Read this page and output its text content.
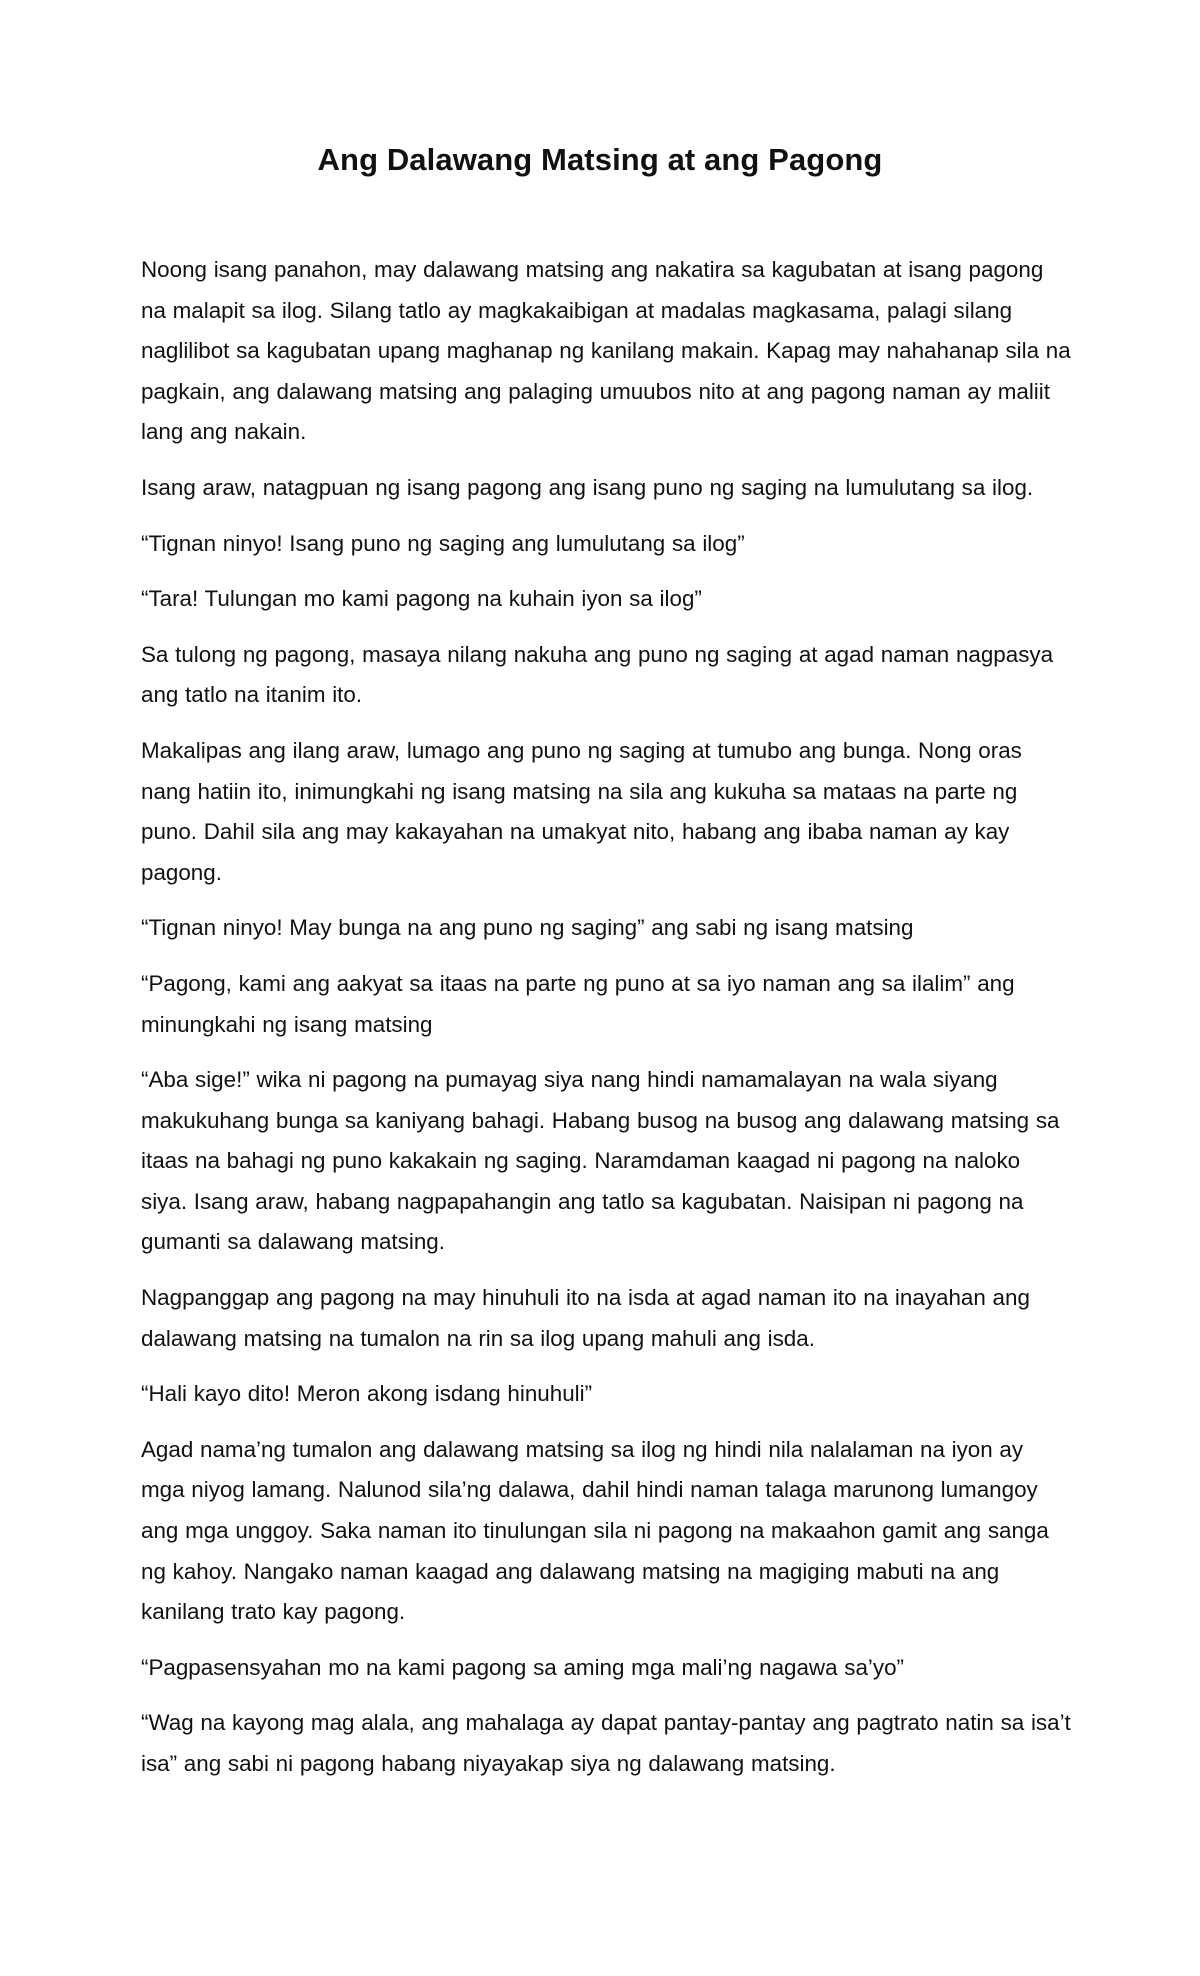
Ang Dalawang Matsing at ang Pagong

Noong isang panahon, may dalawang matsing ang nakatira sa kagubatan at isang pagong na malapit sa ilog. Silang tatlo ay magkakaibigan at madalas magkasama, palagi silang naglilibot sa kagubatan upang maghanap ng kanilang makain. Kapag may nahahanap sila na pagkain, ang dalawang matsing ang palaging umuubos nito at ang pagong naman ay maliit lang ang nakain.

Isang araw, natagpuan ng isang pagong ang isang puno ng saging na lumulutang sa ilog.

“Tignan ninyo! Isang puno ng saging ang lumulutang sa ilog”

“Tara! Tulungan mo kami pagong na kuhain iyon sa ilog”

Sa tulong ng pagong, masaya nilang nakuha ang puno ng saging at agad naman nagpasya ang tatlo na itanim ito.

Makalipas ang ilang araw, lumago ang puno ng saging at tumubo ang bunga. Nong oras nang hatiin ito, inimungkahi ng isang matsing na sila ang kukuha sa mataas na parte ng puno. Dahil sila ang may kakayahan na umakyat nito, habang ang ibaba naman ay kay pagong.

“Tignan ninyo! May bunga na ang puno ng saging” ang sabi ng isang matsing

“Pagong, kami ang aakyat sa itaas na parte ng puno at sa iyo naman ang sa ilalim” ang minungkahi ng isang matsing

“Aba sige!” wika ni pagong na pumayag siya nang hindi namamalayan na wala siyang makukuhang bunga sa kaniyang bahagi. Habang busog na busog ang dalawang matsing sa itaas na bahagi ng puno kakakain ng saging. Naramdaman kaagad ni pagong na naloko siya. Isang araw, habang nagpapahangin ang tatlo sa kagubatan. Naisipan ni pagong na gumanti sa dalawang matsing.

Nagpanggap ang pagong na may hinuhuli ito na isda at agad naman ito na inayahan ang dalawang matsing na tumalon na rin sa ilog upang mahuli ang isda.

“Hali kayo dito! Meron akong isdang hinuhuli”

Agad nama’ng tumalon ang dalawang matsing sa ilog ng hindi nila nalalaman na iyon ay mga niyog lamang. Nalunod sila’ng dalawa, dahil hindi naman talaga marunong lumangoy ang mga unggoy. Saka naman ito tinulungan sila ni pagong na makaahon gamit ang sanga ng kahoy. Nangako naman kaagad ang dalawang matsing na magiging mabuti na ang kanilang trato kay pagong.

“Pagpasensyahan mo na kami pagong sa aming mga mali’ng nagawa sa’yo”

“Wag na kayong mag alala, ang mahalaga ay dapat pantay-pantay ang pagtrato natin sa isa’t isa” ang sabi ni pagong habang niyayakap siya ng dalawang matsing.
